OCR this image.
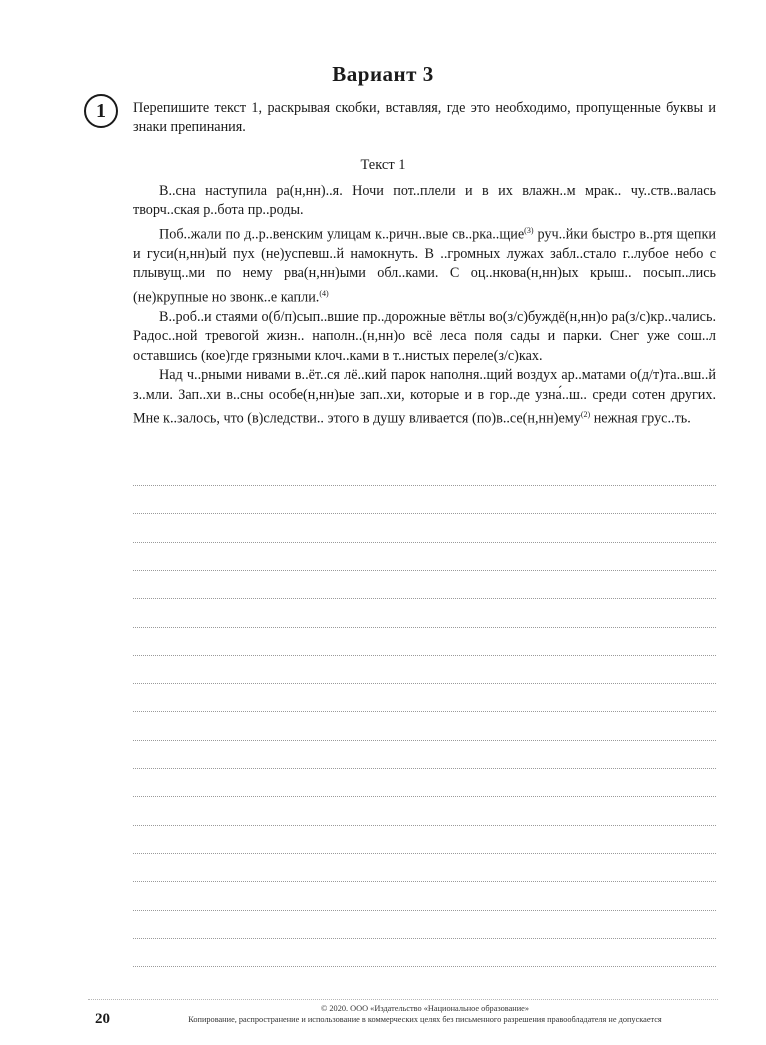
Вариант 3
1	Перепишите текст 1, раскрывая скобки, вставляя, где это необходимо, пропущенные буквы и знаки препинания.
Текст 1

В..сна наступила ра(н,нн)..я. Ночи пот..плели и в их влажн..м мрак.. чу..ств..валась творч..ская р..бота пр..роды.

Поб..жали по д..р..венским улицам к..ричн..вые св..рка..щие$^{(3)}$ руч..йки быстро в..ртя щепки и гуси(н,нн)ый пух (не)успевш..й намокнуть. В ..громных лужах забл..стало г..лубое небо с плывущ..ми по нему рва(н,нн)ыми обл..ками. С оц..нкова(н,нн)ых крыш.. посып..лись (не)крупные но звонк..е капли.$^{(4)}$

В..роб..и стаями о(б/п)сып..вшие пр..дорожные вётлы во(з/с)буждё(н,нн)о ра(з/с)кр..чались. Радос..ной тревогой жизн.. наполн..(н,нн)о всё леса поля сады и парки. Снег уже сош..л оставшись (кое)где грязными клоч..ками в т..нистых переле(з/с)ках.

Над ч..рными нивами в..ёт..ся лё..кий парок наполня..щий воздух ар..матами о(д/т)та..вш..й з..мли. Зап..хи в..сны особе(н,нн)ые зап..хи, которые и в гор..де узна́..ш.. среди сотен других. Мне к..залось, что (в)следстви.. этого в душу вливается (по)в..се(н,нн)ему$^{(2)}$ нежная грус..ть.

20
© 2020. ООО «Издательство «Национальное образование»
Копирование, распространение и использование в коммерческих целях без письменного разрешения правообладателя не допускается
